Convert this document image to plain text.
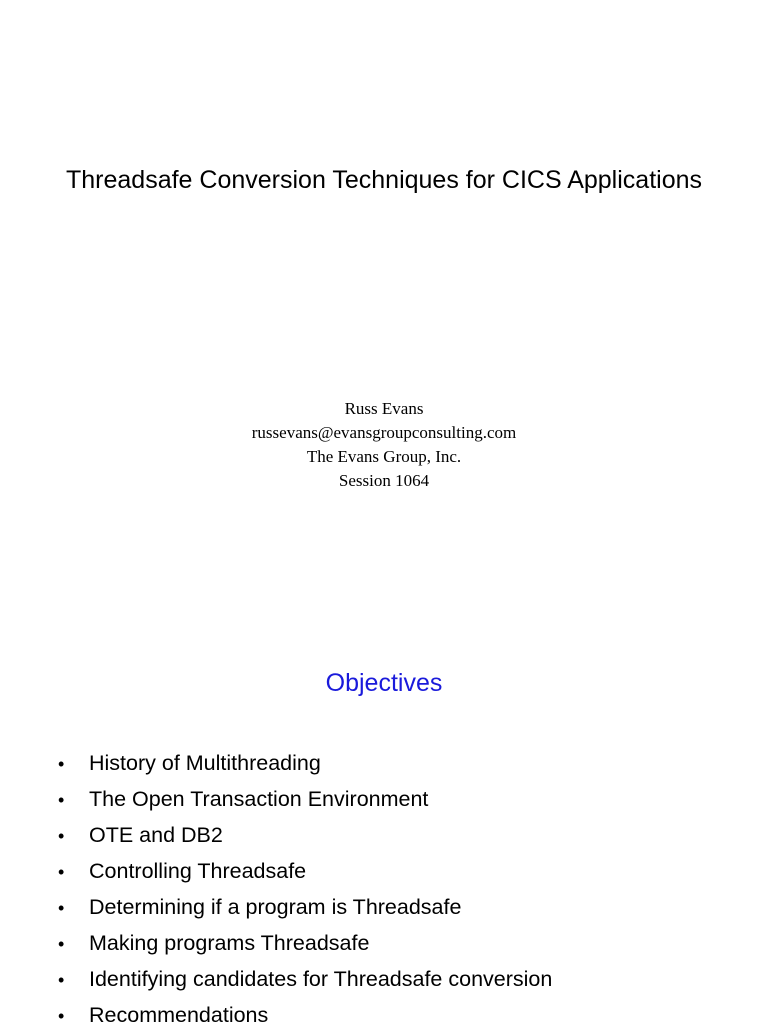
Threadsafe Conversion Techniques for CICS Applications
Russ Evans
russevans@evansgroupconsulting.com
The Evans Group, Inc.
Session 1064
Objectives
•	History of Multithreading
•	The Open Transaction Environment
•	OTE and DB2
•	Controlling Threadsafe
•	Determining if a program is Threadsafe
•	Making programs Threadsafe
•	Identifying candidates for Threadsafe conversion
•	Recommendations
